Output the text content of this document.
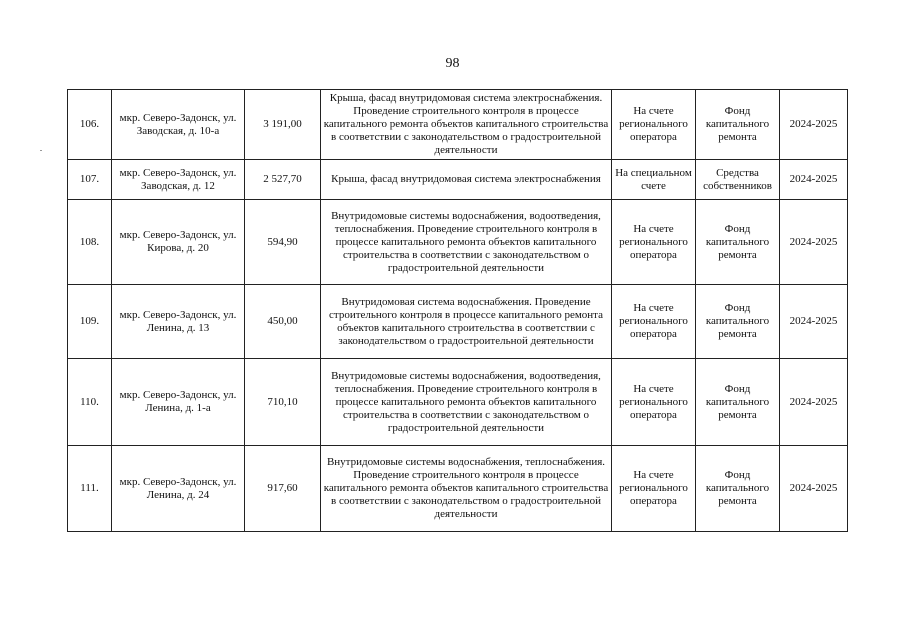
98
106.	мкр. Северо-Задонск, ул. Заводская, д. 10-а	3 191,00	Крыша, фасад внутридомовая система электроснабжения. Проведение строительного контроля в процессе капитального ремонта объектов капитального строительства в соответствии с законодательством о градостроительной деятельности	На счете регионального оператора	Фонд капитального ремонта	2024-2025
107.	мкр. Северо-Задонск, ул. Заводская, д. 12	2 527,70	Крыша, фасад внутридомовая система электроснабжения	На специальном счете	Средства собственников	2024-2025
108.	мкр. Северо-Задонск, ул. Кирова, д. 20	594,90	Внутридомовые системы водоснабжения, водоотведения, теплоснабжения. Проведение строительного контроля в процессе капитального ремонта объектов капитального строительства в соответствии с законодательством о градостроительной деятельности	На счете регионального оператора	Фонд капитального ремонта	2024-2025
109.	мкр. Северо-Задонск, ул. Ленина, д. 13	450,00	Внутридомовая система водоснабжения. Проведение строительного контроля в процессе капитального ремонта объектов капитального строительства в соответствии с законодательством о градостроительной деятельности	На счете регионального оператора	Фонд капитального ремонта	2024-2025
110.	мкр. Северо-Задонск, ул. Ленина, д. 1-а	710,10	Внутридомовые системы водоснабжения, водоотведения, теплоснабжения. Проведение строительного контроля в процессе капитального ремонта объектов капитального строительства в соответствии с законодательством о градостроительной деятельности	На счете регионального оператора	Фонд капитального ремонта	2024-2025
111.	мкр. Северо-Задонск, ул. Ленина, д. 24	917,60	Внутридомовые системы водоснабжения, теплоснабжения. Проведение строительного контроля в процессе капитального ремонта объектов капитального строительства в соответствии с законодательством о градостроительной деятельности	На счете регионального оператора	Фонд капитального ремонта	2024-2025
